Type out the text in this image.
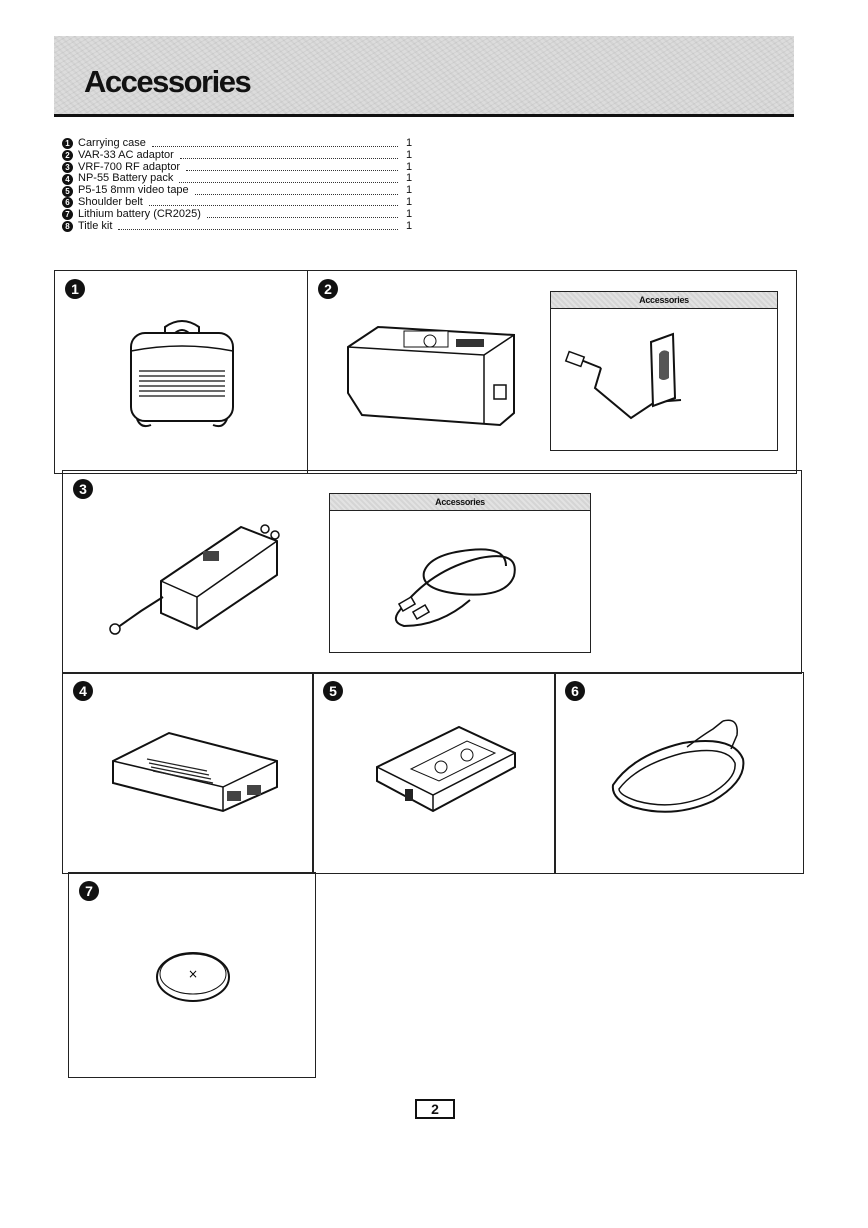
Accessories
1 Carrying case	1
2 VAR-33 AC adaptor	1
3 VRF-700 RF adaptor	1
4 NP-55 Battery pack	1
5 P5-15 8mm video tape	1
6 Shoulder belt	1
7 Lithium battery (CR2025)	1
8 Title kit	1
1	2
Accessories
3
Accessories
4	5	6
7
×
2
